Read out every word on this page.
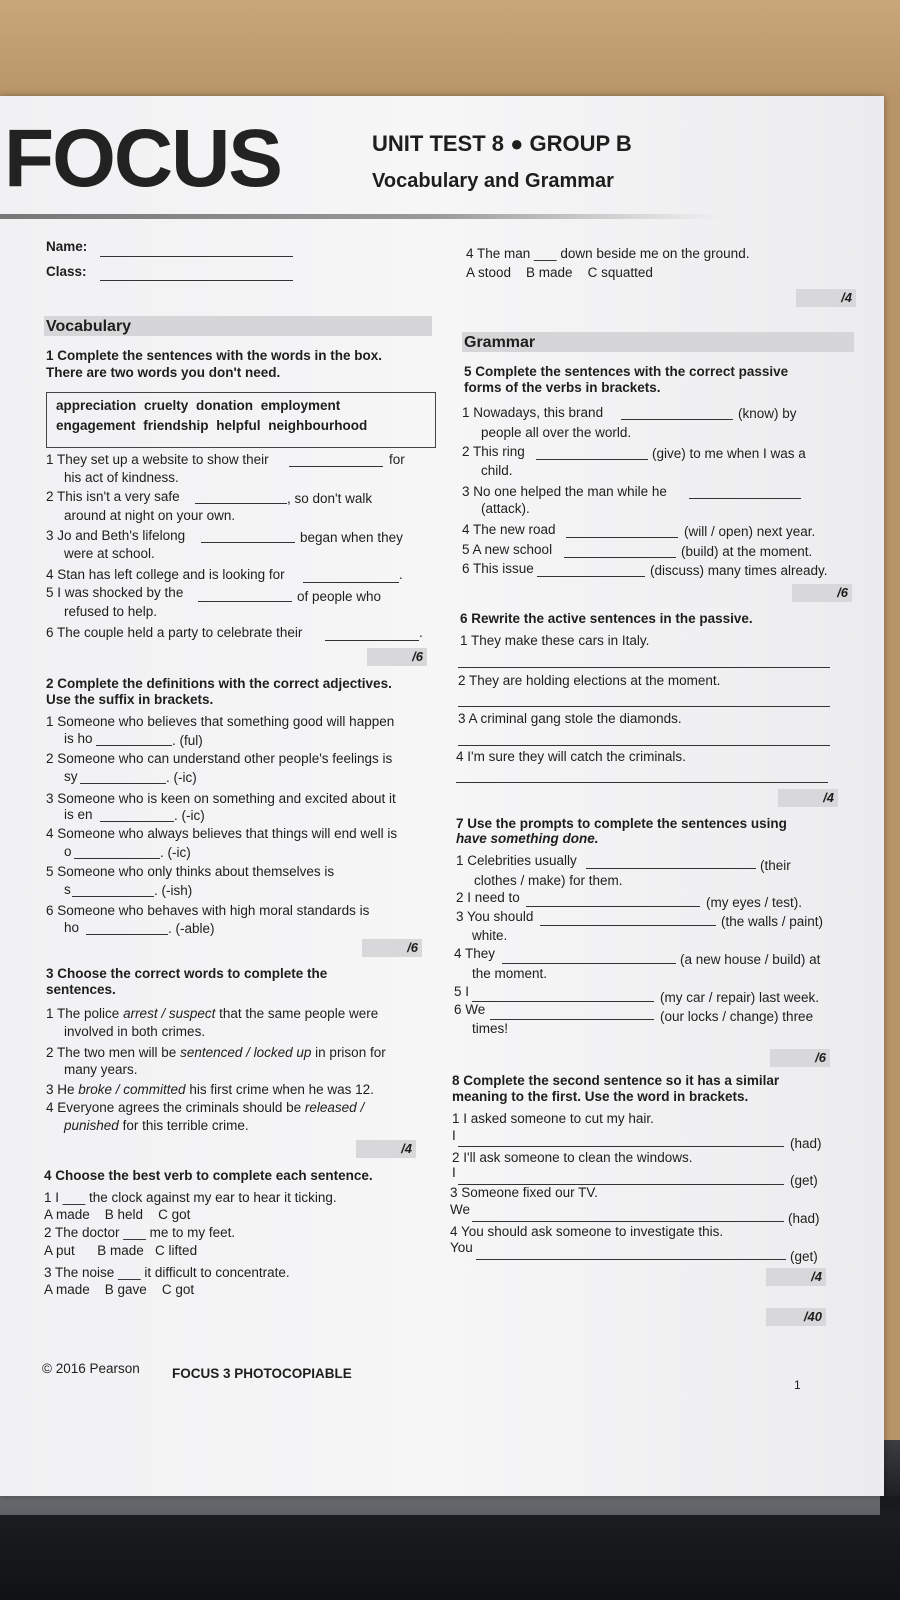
FOCUS	UNIT TEST 8 ● GROUP B
Vocabulary and Grammar
Name:
Class:
Vocabulary
1 Complete the sentences with the words in the box.
There are two words you don't need.
appreciation cruelty donation employment
engagement friendship helpful neighbourhood
1 They set up a website to show their	for
his act of kindness.
2 This isn't a very safe	, so don't walk
around at night on your own.
3 Jo and Beth's lifelong	began when they
were at school.
4 Stan has left college and is looking for	.
5 I was shocked by the	of people who
refused to help.
6 The couple held a party to celebrate their	.
/6
2 Complete the definitions with the correct adjectives.
Use the suffix in brackets.
1 Someone who believes that something good will happen
is ho	. (ful)
2 Someone who can understand other people's feelings is
sy	. (-ic)
3 Someone who is keen on something and excited about it
is en	. (-ic)
4 Someone who always believes that things will end well is
o	. (-ic)
5 Someone who only thinks about themselves is
s	. (-ish)
6 Someone who behaves with high moral standards is
ho	. (-able)
/6
3 Choose the correct words to complete the
sentences.
1 The police arrest / suspect that the same people were
involved in both crimes.
2 The two men will be sentenced / locked up in prison for
many years.
3 He broke / committed his first crime when he was 12.
4 Everyone agrees the criminals should be released /
punished for this terrible crime.
/4
4 Choose the best verb to complete each sentence.
1 I ___ the clock against my ear to hear it ticking.
A made    B held    C got
2 The doctor ___ me to my feet.
A put      B made   C lifted
3 The noise ___ it difficult to concentrate.
A made    B gave    C got
4 The man ___ down beside me on the ground.
A stood    B made    C squatted
/4
Grammar
5 Complete the sentences with the correct passive
forms of the verbs in brackets.
1 Nowadays, this brand	(know) by
people all over the world.
2 This ring	(give) to me when I was a
child.
3 No one helped the man while he
(attack).
4 The new road	(will / open) next year.
5 A new school	(build) at the moment.
6 This issue	(discuss) many times already.
/6
6 Rewrite the active sentences in the passive.
1 They make these cars in Italy.
2 They are holding elections at the moment.
3 A criminal gang stole the diamonds.
4 I'm sure they will catch the criminals.
/4
7 Use the prompts to complete the sentences using
have something done.
1 Celebrities usually	(their
clothes / make) for them.
2 I need to	(my eyes / test).
3 You should	(the walls / paint)
white.
4 They	(a new house / build) at
the moment.
5 I	(my car / repair) last week.
6 We	(our locks / change) three
times!
/6
8 Complete the second sentence so it has a similar
meaning to the first. Use the word in brackets.
1 I asked someone to cut my hair.
I
(had)
2 I'll ask someone to clean the windows.
I
(get)
3 Someone fixed our TV.
We
(had)
4 You should ask someone to investigate this.
You
(get)
/4
/40
© 2016 Pearson FOCUS 3 PHOTOCOPIABLE
1
